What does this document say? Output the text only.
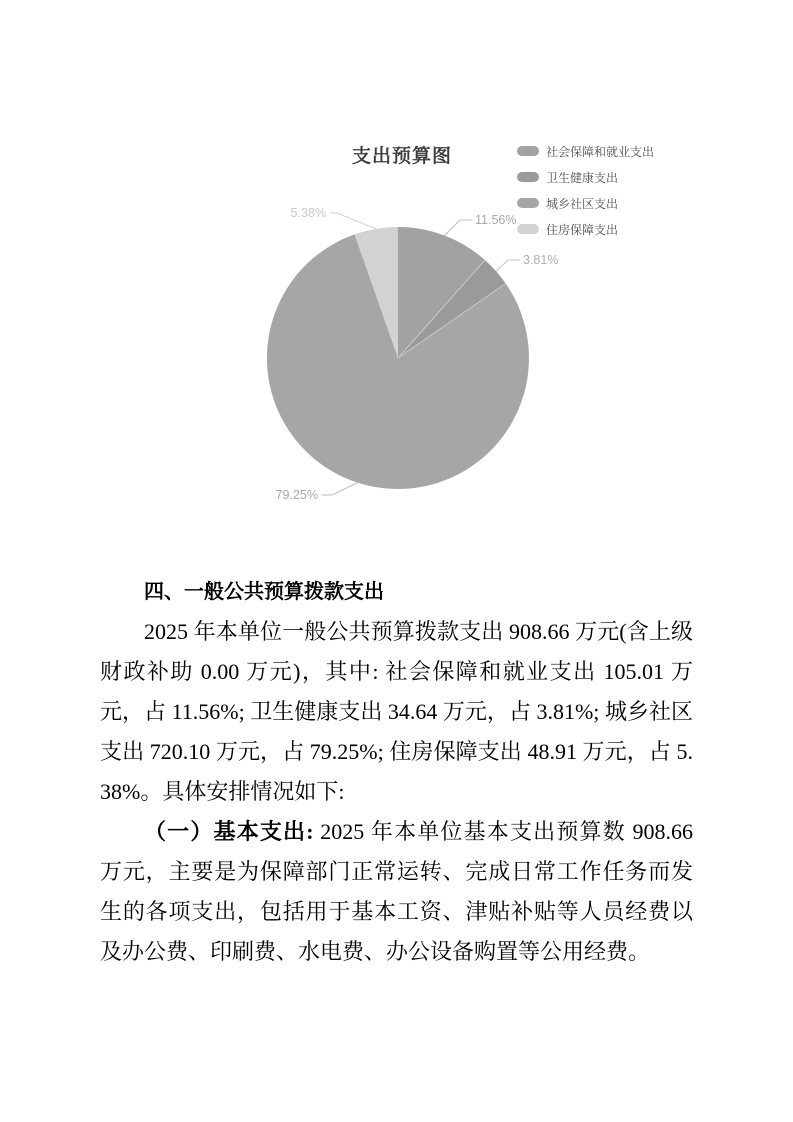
支出预算图
11.56%
3.81%
79.25%
5.38%
社会保障和就业支出
卫生健康支出
城乡社区支出
住房保障支出
四、一般公共预算拨款支出

2025 年本单位一般公共预算拨款支出 908.66 万元(含上级财政补助 0.00 万元)，其中: 社会保障和就业支出 105.01 万元，占 11.56%; 卫生健康支出 34.64 万元，占 3.81%; 城乡社区支出 720.10 万元，占 79.25%; 住房保障支出 48.91 万元，占 5.38%。具体安排情况如下:

（一）基本支出: 2025 年本单位基本支出预算数 908.66 万元，主要是为保障部门正常运转、完成日常工作任务而发生的各项支出，包括用于基本工资、津贴补贴等人员经费以及办公费、印刷费、水电费、办公设备购置等公用经费。
